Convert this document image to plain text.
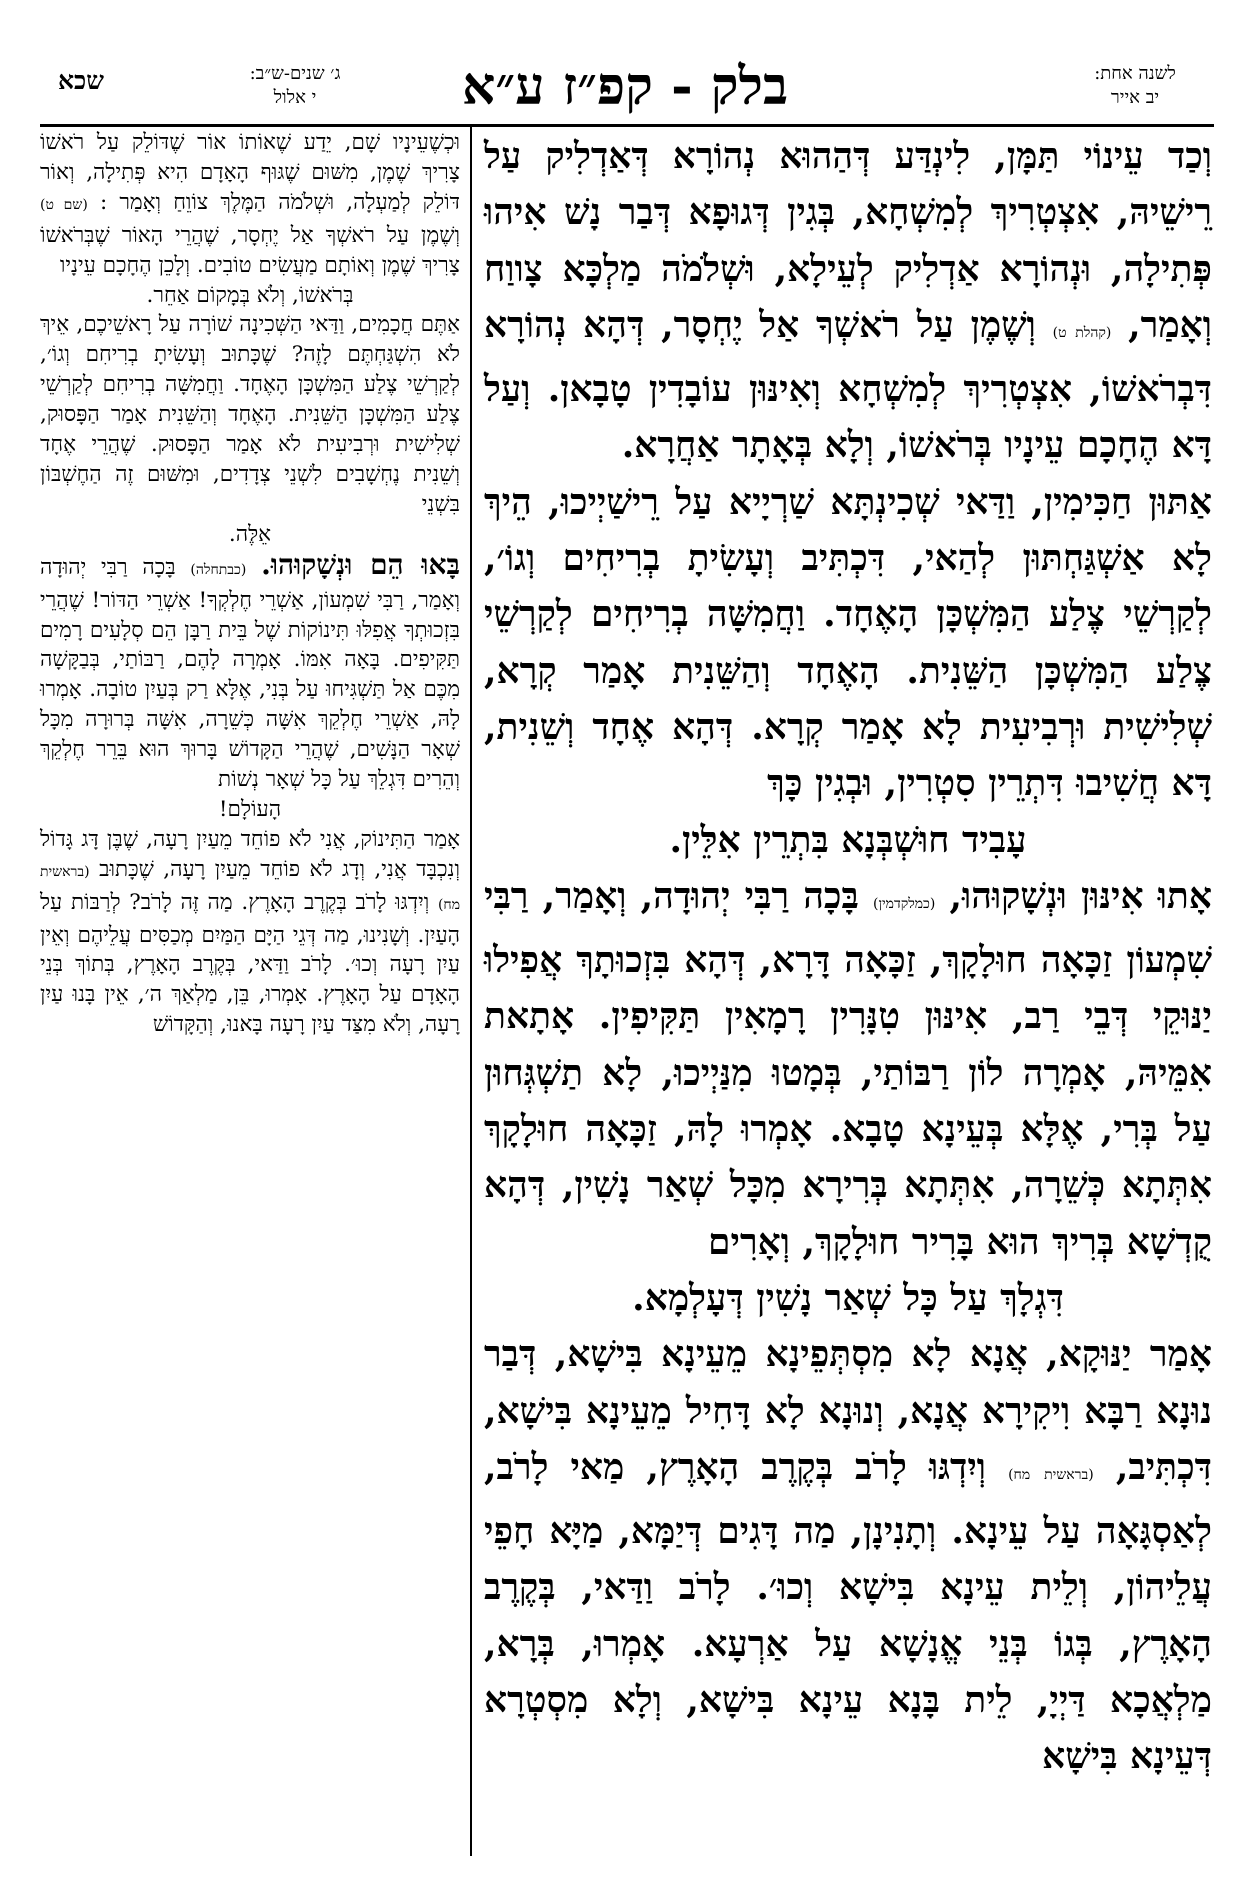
שכא	ג׳ שנים-ש״ב:
י אלול	בלק - קפ״ז ע״א	לשנה אחת:
יב אייר

וְכַד עֵינוֹי תַּמָּן, לִינְדַּע דְּהַהוּא נְהוֹרָא דְּאַדְלִיק עַל רֵישֵׁיהּ, אִצְטְרִיךְ לְמִשְׁחָא, בְּגִין דְּגוּפָא דְּבַר נָשׁ אִיהוּ פְּתִילָה, וּנְהוֹרָא אַדְלִיק לְעֵילָא, וּשְׁלֹמֹה מַלְכָּא צָווַח וְאָמַר, (קהלת ט) וְשֶׁמֶן עַל רֹאשְׁךָ אַל יֶחְסָר, דְּהָא נְהוֹרָא דִּבְרֹאשׁוֹ, אִצְטְרִיךְ לְמִשְׁחָא וְאִינּוּן עוֹבָדִין טָבָאן. וְעַל דָּא הֶחָכָם עֵינָיו בְּרֹאשׁוֹ, וְלָא בְּאָתָר אַחֲרָא.

אַתּוּן חַכִּימִין, וַדַּאי שְׁכִינְתָּא שַׁרְיָיא עַל רֵישַׁיְיכוּ, הֵיךְ לָא אַשְׁגַּחְתּוּן לְהַאי, דִּכְתִּיב וְעָשִׂיתָ בְרִיחִים וְגוֹ׳, לְקַרְשֵׁי צֶלַע הַמִּשְׁכָּן הָאֶחָד. וַחֲמִשָּׁה בְרִיחִים לְקַרְשֵׁי צֶלַע הַמִּשְׁכָּן הַשֵּׁנִית. הָאֶחָד וְהַשֵּׁנִית אָמַר קְרָא, שְׁלִישִׁית וּרְבִיעִית לָא אָמַר קְרָא. דְּהָא אֶחָד וְשֵׁנִית, דָּא חֲשִׁיבוּ דִּתְרֵין סִטְרִין, וּבְגִין כָּךְ

עָבִיד חוּשְׁבְּנָא בִּתְרֵין אִלֵּין.

אָתוּ אִינּוּן וּנְשָׁקוּהוּ, (כמלקדמין) בָּכָה רַבִּי יְהוּדָה, וְאָמַר, רַבִּי שִׁמְעוֹן זַכָּאָה חוּלָקָךְ, זַכָּאָה דָּרָא, דְּהָא בִּזְכוּתָךְ אֲפִילוּ יַנּוּקֵי דְּבֵי רַב, אִינּוּן טִנָּרִין רָמָאִין תַּקִּיפִין. אָתָאת אִמֵּיהּ, אָמְרָה לוֹן רַבּוֹתַי, בְּמָטוּ מִנַּיְיכוּ, לָא תַשְׁגְּחוּן עַל בְּרִי, אֶלָּא בְּעֵינָא טָבָא. אָמְרוּ לָהּ, זַכָּאָה חוּלָקָךְ אִתְּתָא כְּשֵׁרָה, אִתְּתָא בְּרִירָא מִכָּל שְׁאַר נָשִׁין, דְּהָא קֻדְשָׁא בְּרִיךְ הוּא בָּרִיר חוּלָקָךְ, וְאָרִים

דִּגְלָךְ עַל כָּל שְׁאַר נָשִׁין דְּעָלְמָא.

אָמַר יַנּוּקָא, אֲנָא לָא מִסְתְּפֵינָא מֵעֵינָא בִּישָׁא, דְּבַר נוּנָא רַבָּא וִיקִירָא אֲנָא, וְנוּנָא לָא דָּחִיל מֵעֵינָא בִּישָׁא, דִּכְתִּיב, (בראשית מח) וְיִדְגּוּ לָרֹב בְּקֶרֶב הָאָרֶץ, מַאי לָרֹב, לְאַסְגָּאָה עַל עֵינָא. וְתָנִינָן, מַה דָּגִים דְּיַמָּא, מַיָּא חָפֵי עֲלֵיהוֹן, וְלֵית עֵינָא בִּישָׁא וְכוּ׳. לָרֹב וַדַּאי, בְּקֶרֶב הָאָרֶץ, בְּגוֹ בְּנֵי אֱנָשָׁא עַל אַרְעָא. אָמְרוּ, בְּרָא, מַלְאֲכָא דַּיְיָ, לֵית בָּנָא עֵינָא בִּישָׁא, וְלָא מִסְטְרָא דְּעֵינָא בִּישָׁא

וּכְשֶׁעֵינָיו שָׁם, יֵדַע שֶׁאוֹתוֹ אוֹר שֶׁדּוֹלֵק עַל רֹאשׁוֹ צָרִיךְ שֶׁמֶן, מִשּׁוּם שֶׁגּוּף הָאָדָם הִיא פְּתִילָה, וְאוֹר דּוֹלֵק לְמַעְלָה, וּשְׁלֹמֹה הַמֶּלֶךְ צוֹוֵחַ וְאָמַר : (שם ט) וְשֶׁמֶן עַל רֹאשְׁךָ אַל יֶחְסָר, שֶׁהֲרֵי הָאוֹר שֶׁבְּרֹאשׁוֹ צָרִיךְ שֶׁמֶן וְאוֹתָם מַעֲשִׂים טוֹבִים. וְלָכֵן הֶחָכָם עֵינָיו

בְּרֹאשׁוֹ, וְלֹא בְּמָקוֹם אַחֵר.

אַתֶּם חֲכָמִים, וַדַּאי הַשְּׁכִינָה שׁוֹרָה עַל רָאשֵׁיכֶם, אֵיךְ לֹא הִשְׁגַּחְתֶּם לָזֶה? שֶׁכָּתוּב וְעָשִׂיתָ בְרִיחִם וְגוֹ׳, לְקַרְשֵׁי צֶלַע הַמִּשְׁכָּן הָאֶחָד. וַחֲמִשָּׁה בְרִיחִם לְקַרְשֵׁי צֶלַע הַמִּשְׁכָּן הַשֵּׁנִית. הָאֶחָד וְהַשֵּׁנִית אָמַר הַפָּסוּק, שְׁלִישִׁית וּרְבִיעִית לֹא אָמַר הַפָּסוּק. שֶׁהֲרֵי אֶחָד וְשֵׁנִית נֶחְשָׁבִים לִשְׁנֵי צְדָדִים, וּמִשּׁוּם זֶה הַחֶשְׁבּוֹן בִּשְׁנֵי

אֵלֶּה.

בָּאוּ הֵם וּנְשָׁקוּהוּ. (כבתחלה) בָּכָה רַבִּי יְהוּדָה וְאָמַר, רַבִּי שִׁמְעוֹן, אַשְׁרֵי חֶלְקְךָ! אַשְׁרֵי הַדּוֹר! שֶׁהֲרֵי בִּזְכוּתְךָ אֲפִלּוּ תִּינוֹקוֹת שֶׁל בֵּית רַבָּן הֵם סְלָעִים רָמִים תַּקִּיפִים. בָּאָה אִמּוֹ. אָמְרָה לָהֶם, רַבּוֹתַי, בְּבַקָּשָׁה מִכֶּם אַל תַּשְׁגִּיחוּ עַל בְּנִי, אֶלָּא רַק בְּעַיִן טוֹבָה. אָמְרוּ לָהּ, אַשְׁרֵי חֶלְקֵךְ אִשָּׁה כְּשֵׁרָה, אִשָּׁה בְּרוּרָה מִכָּל שְׁאָר הַנָּשִׁים, שֶׁהֲרֵי הַקָּדוֹשׁ בָּרוּךְ הוּא בֵּרֵר חֶלְקֵךְ וְהֵרִים דִּגְלֵךְ עַל כָּל שְׁאָר נְשׁוֹת

הָעוֹלָם!

אָמַר הַתִּינוֹק, אֲנִי לֹא פוֹחֵד מֵעַיִן רָעָה, שֶׁבֶּן דָּג גָּדוֹל וְנִכְבָּד אֲנִי, וְדָג לֹא פוֹחֵד מֵעַיִן רָעָה, שֶׁכָּתוּב (בראשית מח) וְיִדְגּוּ לָרֹב בְּקֶרֶב הָאָרֶץ. מַה זֶּה לָרֹב? לְרַבּוֹת עַל הָעַיִן. וְשָׁנִינוּ, מַה דְּגֵי הַיָּם הַמַּיִם מְכַסִּים עֲלֵיהֶם וְאֵין עַיִן רָעָה וְכוּ׳. לָרֹב וַדַּאי, בְּקֶרֶב הָאָרֶץ, בְּתוֹךְ בְּנֵי הָאָדָם עַל הָאָרֶץ. אָמְרוּ, בֵּן, מַלְאַךְ ה׳, אֵין בָּנוּ עַיִן רָעָה, וְלֹא מִצַּד עַיִן רָעָה בָּאנוּ, וְהַקָּדוֹשׁ
